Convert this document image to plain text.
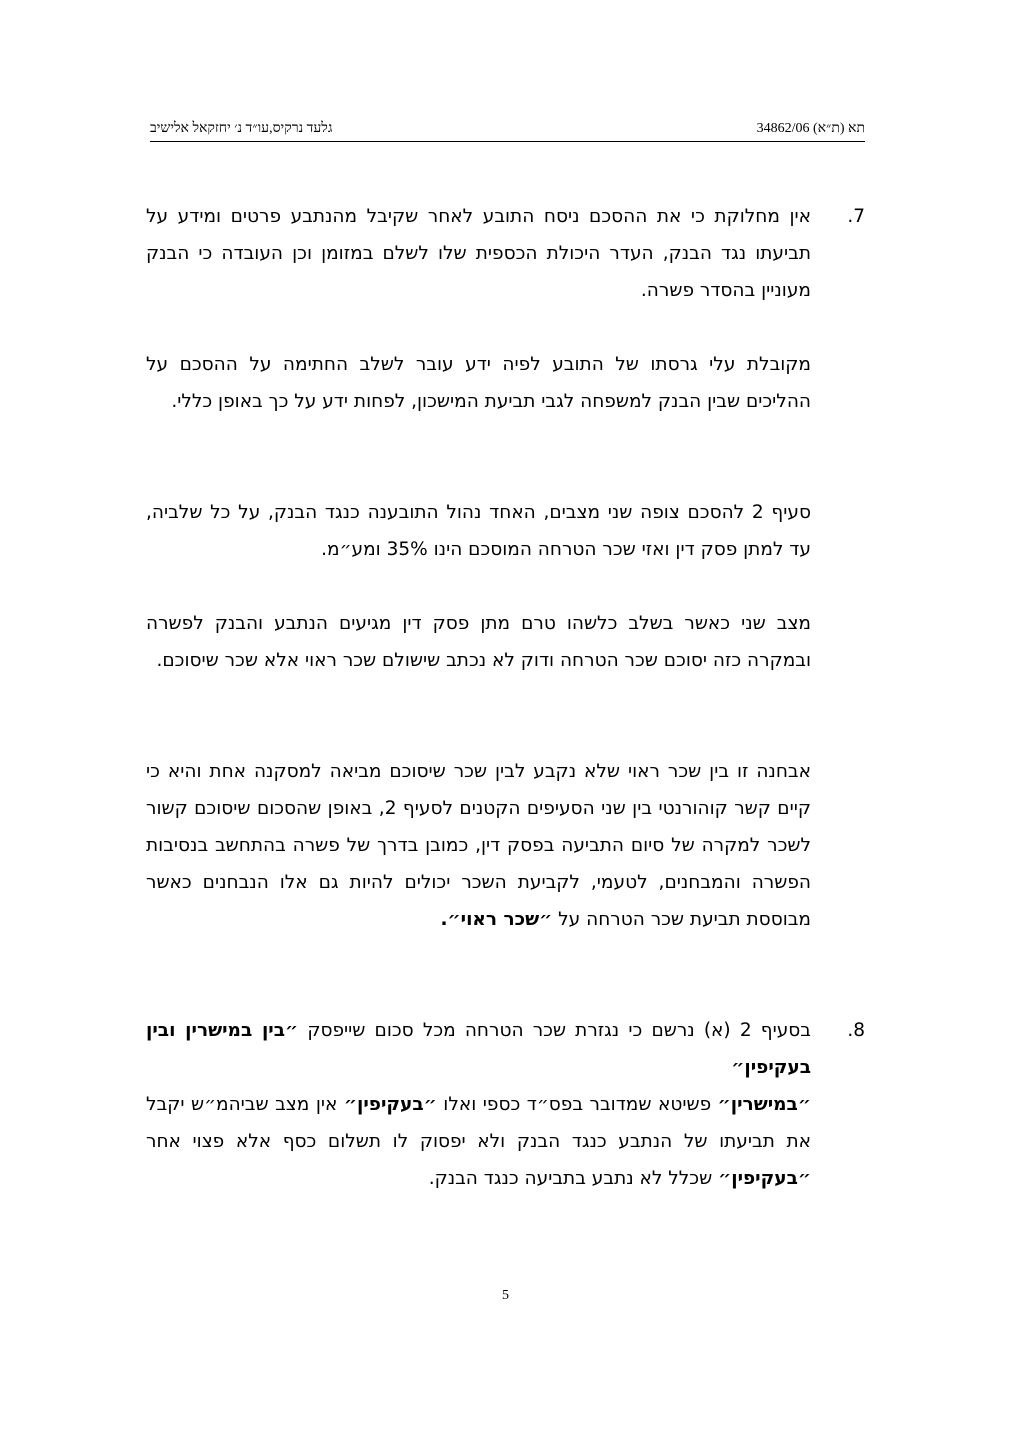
תא (ת״א) 34862/06
גלעד נרקיס,עו״ד נ׳ יחזקאל אלישיב
.7

אין מחלוקת כי את ההסכם ניסח התובע לאחר שקיבל מהנתבע פרטים ומידע על תביעתו נגד הבנק, העדר היכולת הכספית שלו לשלם במזומן וכן העובדה כי הבנק מעוניין בהסדר פשרה.

מקובלת עלי גרסתו של התובע לפיה ידע עובר לשלב החתימה על ההסכם על ההליכים שבין הבנק למשפחה לגבי תביעת המישכון, לפחות ידע על כך באופן כללי.

סעיף 2 להסכם צופה שני מצבים, האחד נהול התובענה כנגד הבנק, על כל שלביה, עד למתן פסק דין ואזי שכר הטרחה המוסכם הינו 35% ומע״מ.

מצב שני כאשר בשלב כלשהו טרם מתן פסק דין מגיעים הנתבע והבנק לפשרה ובמקרה כזה יסוכם שכר הטרחה ודוק לא נכתב שישולם שכר ראוי אלא שכר שיסוכם.

אבחנה זו בין שכר ראוי שלא נקבע לבין שכר שיסוכם מביאה למסקנה אחת והיא כי קיים קשר קוהורנטי בין שני הסעיפים הקטנים לסעיף 2, באופן שהסכום שיסוכם קשור לשכר למקרה של סיום התביעה בפסק דין, כמובן בדרך של פשרה בהתחשב בנסיבות הפשרה והמבחנים, לטעמי, לקביעת השכר יכולים להיות גם אלו הנבחנים כאשר מבוססת תביעת שכר הטרחה על ״שכר ראוי״.

.8

בסעיף 2 (א) נרשם כי נגזרת שכר הטרחה מכל סכום שייפסק ״בין במישרין ובין בעקיפין״

״במישרין״ פשיטא שמדובר בפס״ד כספי ואלו ״בעקיפין״ אין מצב שביהמ״ש יקבל את תביעתו של הנתבע כנגד הבנק ולא יפסוק לו תשלום כסף אלא פצוי אחר ״בעקיפין״ שכלל לא נתבע בתביעה כנגד הבנק.

5
